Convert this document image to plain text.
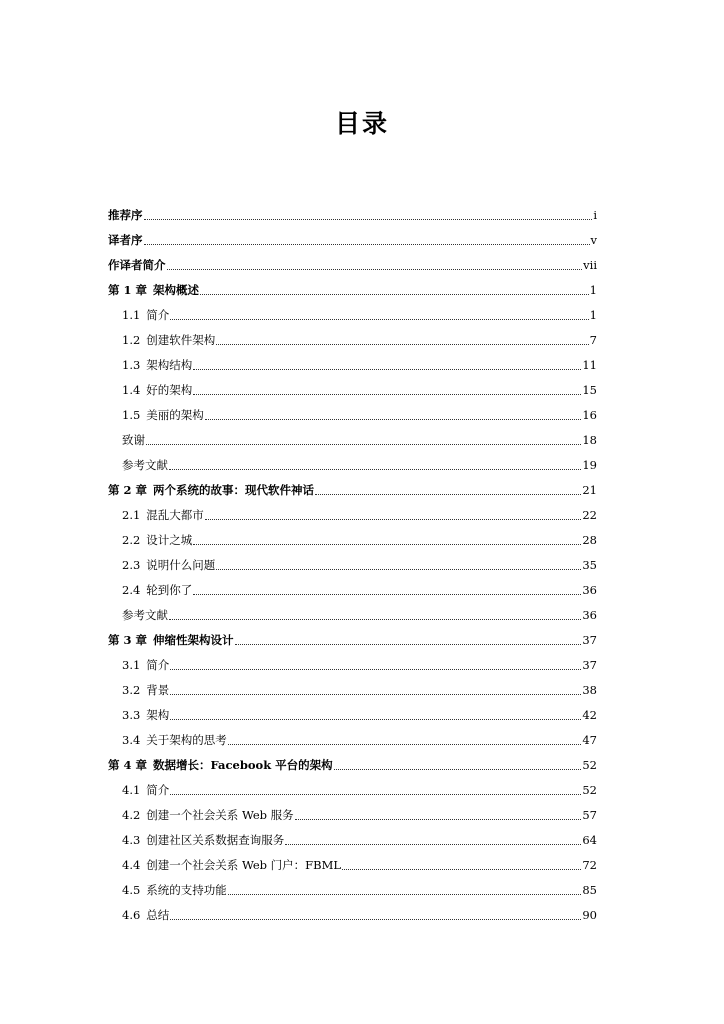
目录
推荐序	i
译者序	v
作译者简介	vii
第 1 章 架构概述	1
1.1 简介	1
1.2 创建软件架构	7
1.3 架构结构	11
1.4 好的架构	15
1.5 美丽的架构	16
致谢	18
参考文献	19
第 2 章 两个系统的故事：现代软件神话	21
2.1 混乱大都市	22
2.2 设计之城	28
2.3 说明什么问题	35
2.4 轮到你了	36
参考文献	36
第 3 章 伸缩性架构设计	37
3.1 简介	37
3.2 背景	38
3.3 架构	42
3.4 关于架构的思考	47
第 4 章 数据增长：Facebook 平台的架构	52
4.1 简介	52
4.2 创建一个社会关系 Web 服务	57
4.3 创建社区关系数据查询服务	64
4.4 创建一个社会关系 Web 门户：FBML	72
4.5 系统的支持功能	85
4.6 总结	90
